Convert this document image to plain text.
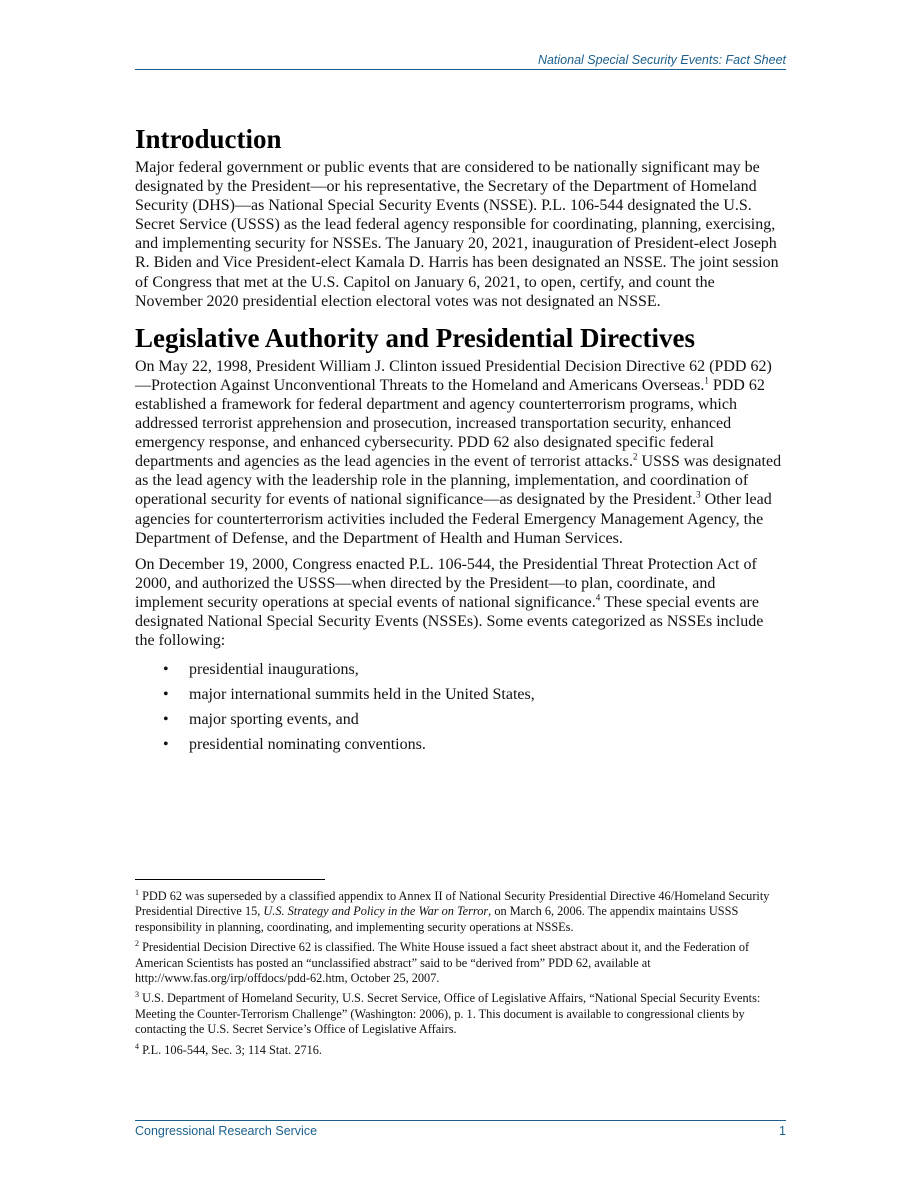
National Special Security Events: Fact Sheet
Introduction

Major federal government or public events that are considered to be nationally significant may be designated by the President—or his representative, the Secretary of the Department of Homeland Security (DHS)—as National Special Security Events (NSSE). P.L. 106-544 designated the U.S. Secret Service (USSS) as the lead federal agency responsible for coordinating, planning, exercising, and implementing security for NSSEs. The January 20, 2021, inauguration of President-elect Joseph R. Biden and Vice President-elect Kamala D. Harris has been designated an NSSE. The joint session of Congress that met at the U.S. Capitol on January 6, 2021, to open, certify, and count the November 2020 presidential election electoral votes was not designated an NSSE.

Legislative Authority and Presidential Directives

On May 22, 1998, President William J. Clinton issued Presidential Decision Directive 62 (PDD 62)—Protection Against Unconventional Threats to the Homeland and Americans Overseas.$^1$ PDD 62 established a framework for federal department and agency counterterrorism programs, which addressed terrorist apprehension and prosecution, increased transportation security, enhanced emergency response, and enhanced cybersecurity. PDD 62 also designated specific federal departments and agencies as the lead agencies in the event of terrorist attacks.$^2$ USSS was designated as the lead agency with the leadership role in the planning, implementation, and coordination of operational security for events of national significance—as designated by the President.$^3$ Other lead agencies for counterterrorism activities included the Federal Emergency Management Agency, the Department of Defense, and the Department of Health and Human Services.

On December 19, 2000, Congress enacted P.L. 106-544, the Presidential Threat Protection Act of 2000, and authorized the USSS—when directed by the President—to plan, coordinate, and implement security operations at special events of national significance.$^4$ These special events are designated National Special Security Events (NSSEs). Some events categorized as NSSEs include the following:

• presidential inaugurations,
• major international summits held in the United States,
• major sporting events, and
• presidential nominating conventions.

$^1$ PDD 62 was superseded by a classified appendix to Annex II of National Security Presidential Directive 46/Homeland Security Presidential Directive 15, U.S. Strategy and Policy in the War on Terror, on March 6, 2006. The appendix maintains USSS responsibility in planning, coordinating, and implementing security operations at NSSEs.

$^2$ Presidential Decision Directive 62 is classified. The White House issued a fact sheet abstract about it, and the Federation of American Scientists has posted an “unclassified abstract” said to be “derived from” PDD 62, available at http://www.fas.org/irp/offdocs/pdd-62.htm, October 25, 2007.

$^3$ U.S. Department of Homeland Security, U.S. Secret Service, Office of Legislative Affairs, “National Special Security Events: Meeting the Counter-Terrorism Challenge” (Washington: 2006), p. 1. This document is available to congressional clients by contacting the U.S. Secret Service’s Office of Legislative Affairs.

$^4$ P.L. 106-544, Sec. 3; 114 Stat. 2716.

Congressional Research Service	1
